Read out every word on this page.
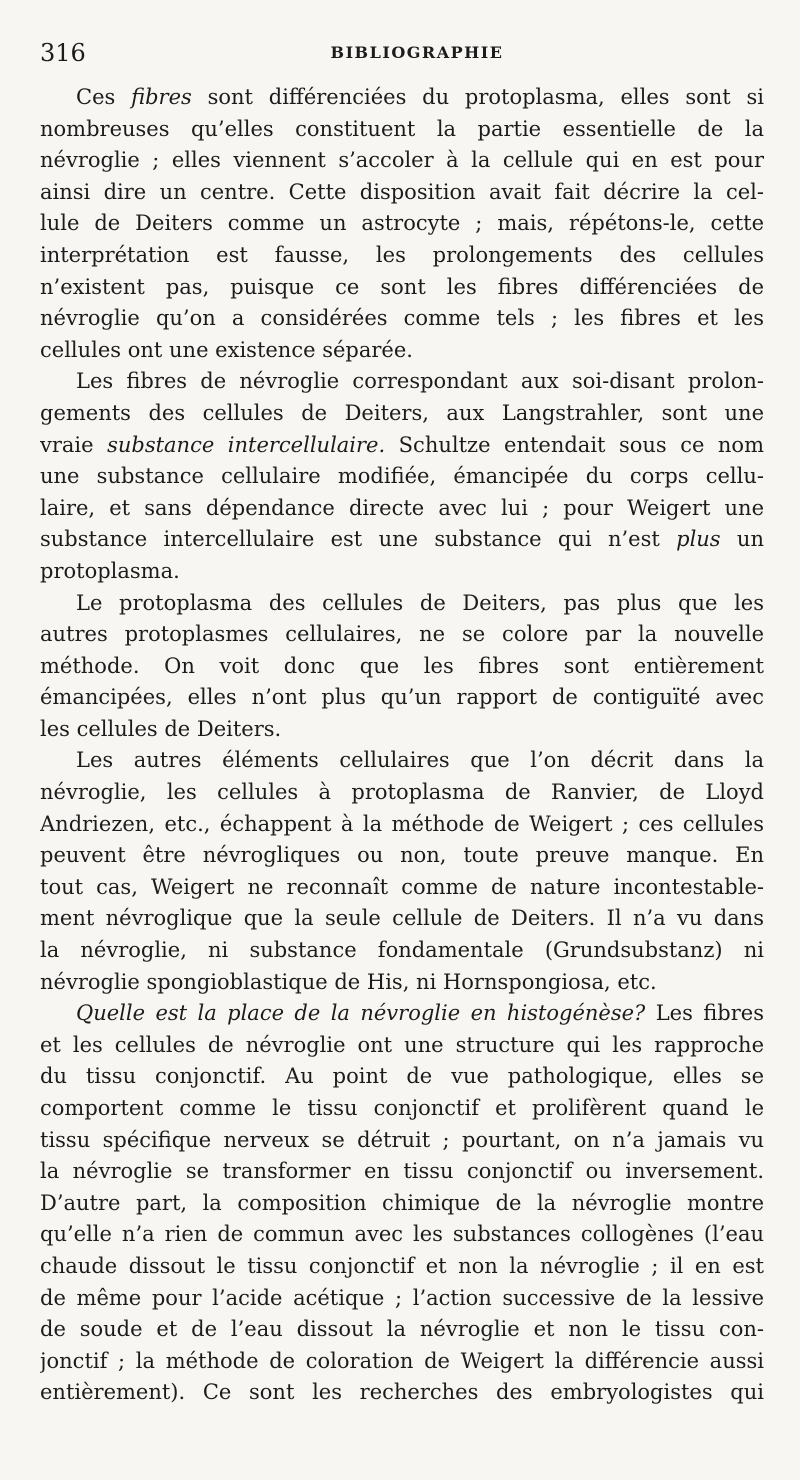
316	BIBLIOGRAPHIE
Ces fibres sont différenciées du protoplasma, elles sont si
nombreuses qu’elles constituent la partie essentielle de la
névroglie ; elles viennent s’accoler à la cellule qui en est pour
ainsi dire un centre. Cette disposition avait fait décrire la cel-
lule de Deiters comme un astrocyte ; mais, répétons-le, cette
interprétation est fausse, les prolongements des cellules
n’existent pas, puisque ce sont les fibres différenciées de
névroglie qu’on a considérées comme tels ; les fibres et les
cellules ont une existence séparée.
Les fibres de névroglie correspondant aux soi-disant prolon-
gements des cellules de Deiters, aux Langstrahler, sont une
vraie substance intercellulaire. Schultze entendait sous ce nom
une substance cellulaire modifiée, émancipée du corps cellu-
laire, et sans dépendance directe avec lui ; pour Weigert une
substance intercellulaire est une substance qui n’est plus un
protoplasma.
Le protoplasma des cellules de Deiters, pas plus que les
autres protoplasmes cellulaires, ne se colore par la nouvelle
méthode. On voit donc que les fibres sont entièrement
émancipées, elles n’ont plus qu’un rapport de contiguïté avec
les cellules de Deiters.
Les autres éléments cellulaires que l’on décrit dans la
névroglie, les cellules à protoplasma de Ranvier, de Lloyd
Andriezen, etc., échappent à la méthode de Weigert ; ces cellules
peuvent être névrogliques ou non, toute preuve manque. En
tout cas, Weigert ne reconnaît comme de nature incontestable-
ment névroglique que la seule cellule de Deiters. Il n’a vu dans
la névroglie, ni substance fondamentale (Grundsubstanz) ni
névroglie spongioblastique de His, ni Hornspongiosa, etc.
Quelle est la place de la névroglie en histogénèse? Les fibres
et les cellules de névroglie ont une structure qui les rapproche
du tissu conjonctif. Au point de vue pathologique, elles se
comportent comme le tissu conjonctif et prolifèrent quand le
tissu spécifique nerveux se détruit ; pourtant, on n’a jamais vu
la névroglie se transformer en tissu conjonctif ou inversement.
D’autre part, la composition chimique de la névroglie montre
qu’elle n’a rien de commun avec les substances collogènes (l’eau
chaude dissout le tissu conjonctif et non la névroglie ; il en est
de même pour l’acide acétique ; l’action successive de la lessive
de soude et de l’eau dissout la névroglie et non le tissu con-
jonctif ; la méthode de coloration de Weigert la différencie aussi
entièrement). Ce sont les recherches des embryologistes qui
